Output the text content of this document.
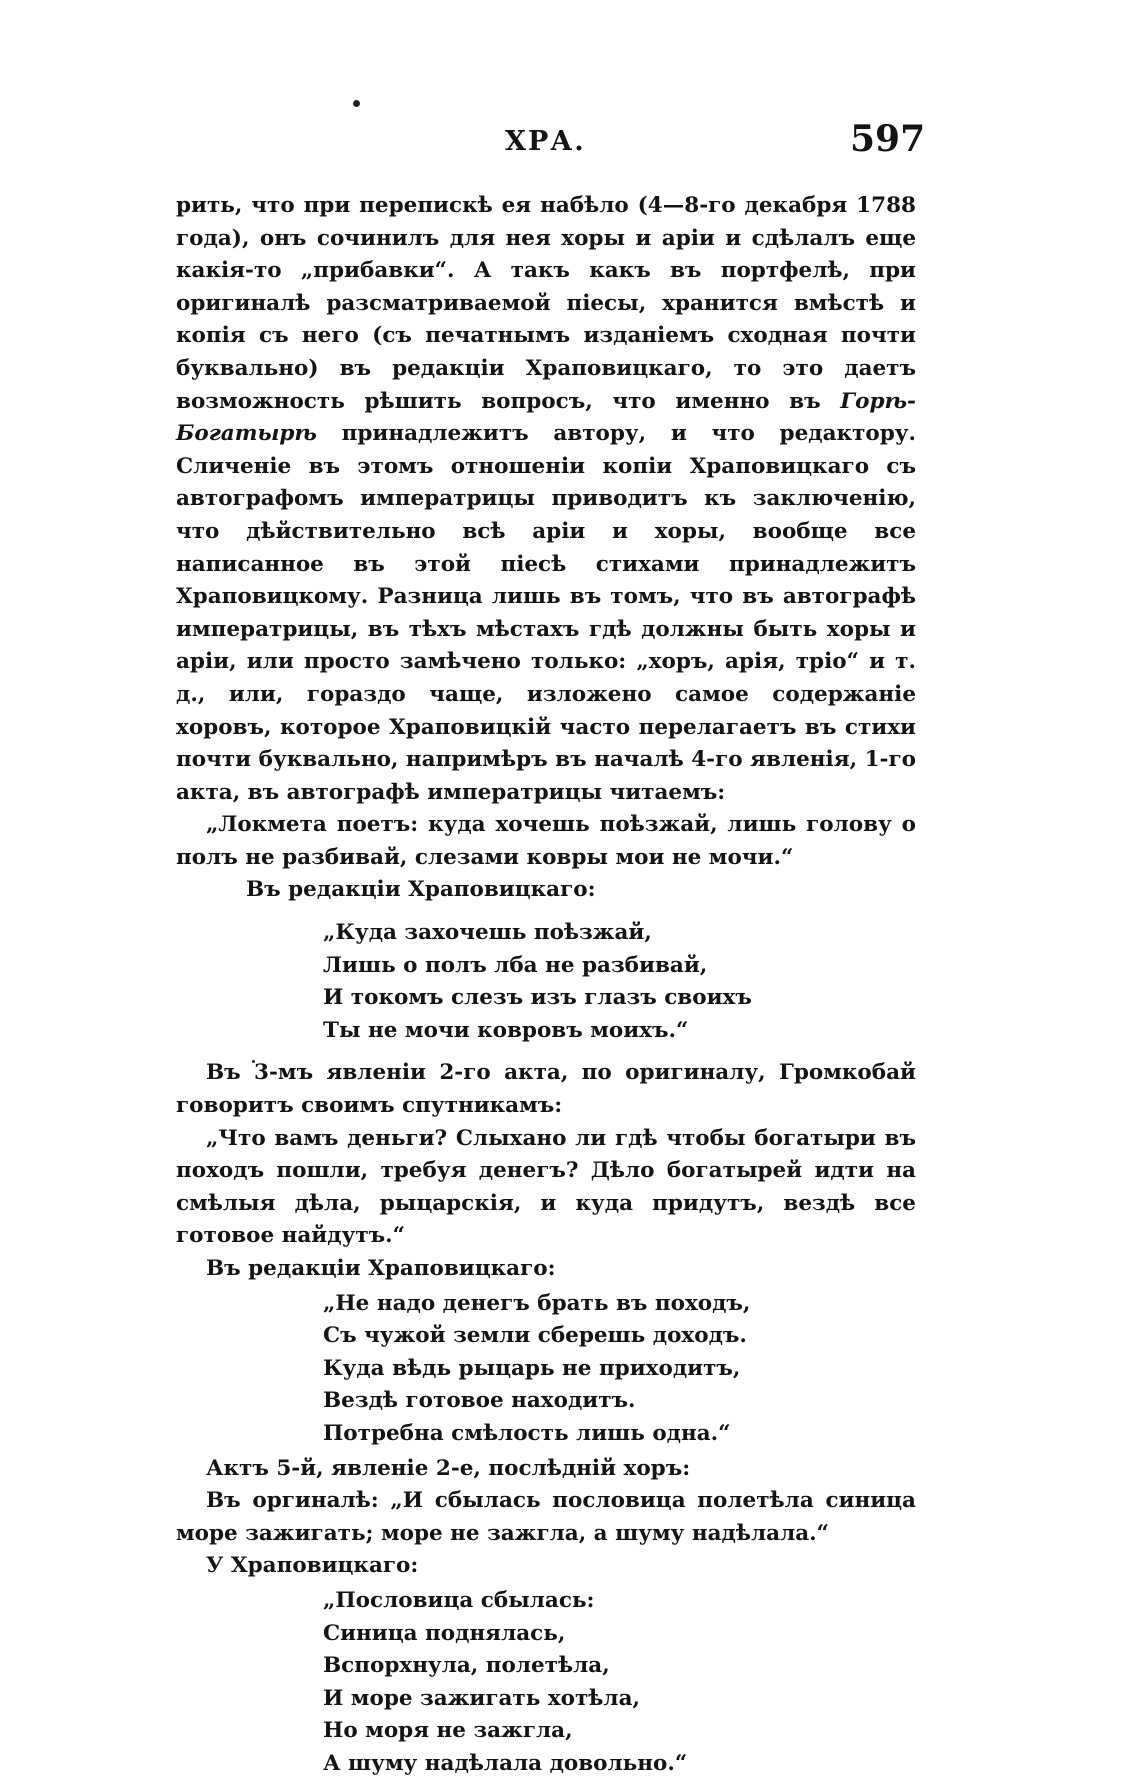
ХРА.	597

рить, что при перепискѣ ея набѣло (4—8-го декабря 1788 года), онъ сочинилъ для нея хоры и аріи и сдѣлалъ еще какія-то „прибавки“. А такъ какъ въ портфелѣ, при оригиналѣ разсматриваемой піесы, хранится вмѣстѣ и копія съ него (съ печатнымъ изданіемъ сходная почти буквально) въ редакціи Храповицкаго, то это даетъ возможность рѣшить вопросъ, что именно въ Горѣ-Богатырѣ принадлежитъ автору, и что редактору. Сличеніе въ этомъ отношеніи копіи Храповицкаго съ автографомъ императрицы приводитъ къ заключенію, что дѣйствительно всѣ аріи и хоры, вообще все написанное въ этой піесѣ стихами принадлежитъ Храповицкому. Разница лишь въ томъ, что въ автографѣ императрицы, въ тѣхъ мѣстахъ гдѣ должны быть хоры и аріи, или просто замѣчено только: „хоръ, арія, тріо“ и т. д., или, гораздо чаще, изложено самое содержаніе хоровъ, которое Храповицкій часто перелагаетъ въ стихи почти буквально, напримѣръ въ началѣ 4-го явленія, 1-го акта, въ автографѣ императрицы читаемъ:

„Локмета поетъ: куда хочешь поѣзжай, лишь голову о полъ не разбивай, слезами ковры мои не мочи.“

Въ редакціи Храповицкаго:

„Куда захочешь поѣзжай,
Лишь о полъ лба не разбивай,
И токомъ слезъ изъ глазъ своихъ
Ты не мочи ковровъ моихъ.“

Въ 3-мъ явленіи 2-го акта, по оригиналу, Громкобай говоритъ своимъ спутникамъ:

„Что вамъ деньги? Слыхано ли гдѣ чтобы богатыри въ походъ пошли, требуя денегъ? Дѣло богатырей идти на смѣлыя дѣла, рыцарскія, и куда придутъ, вездѣ все готовое найдутъ.“

Въ редакціи Храповицкаго:

„Не надо денегъ брать въ походъ,
Съ чужой земли сберешь доходъ.
Куда вѣдь рыцарь не приходитъ,
Вездѣ готовое находитъ.
Потребна смѣлость лишь одна.“

Актъ 5-й, явленіе 2-е, послѣдній хоръ:

Въ оргиналѣ: „И сбылась пословица полетѣла синица море зажигать; море не зажгла, а шуму надѣлала.“

У Храповицкаго:

„Пословица сбылась:
Синица поднялась,
Вспорхнула, полетѣла,
И море зажигать хотѣла,
Но моря не зажгла,
А шуму надѣлала довольно.“
